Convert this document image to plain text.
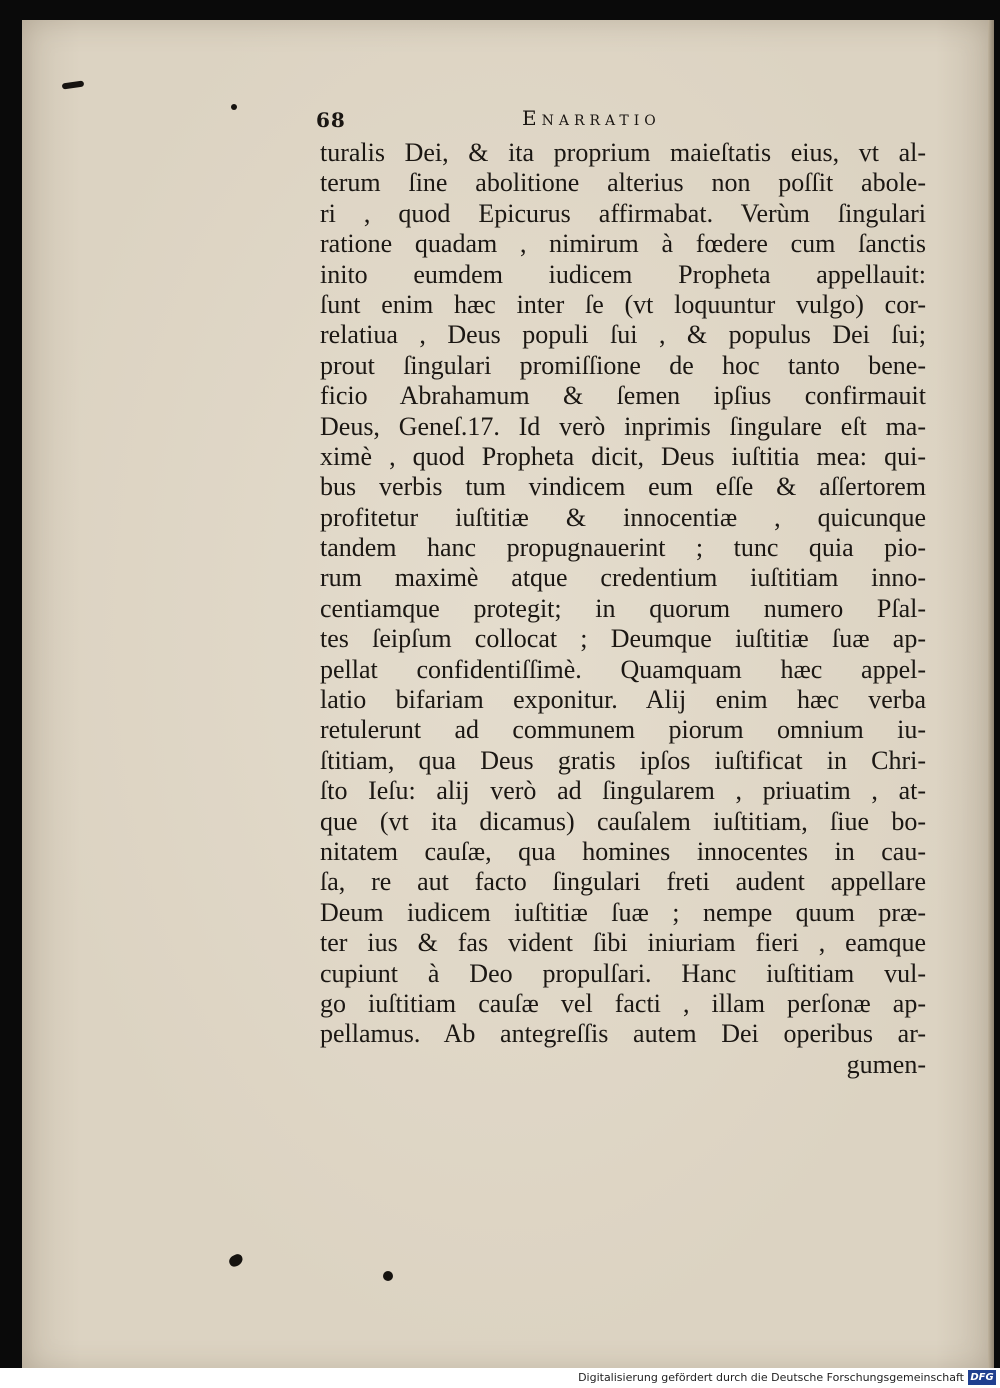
68	Enarratio
turalis Dei, & ita proprium maieſtatis eius, vt al-
terum ſine abolitione alterius non poſſit abole-
ri , quod Epicurus affirmabat. Verùm ſingulari
ratione quadam , nimirum à fœdere cum ſanctis
inito eumdem iudicem Propheta appellauit:
ſunt enim hæc inter ſe (vt loquuntur vulgo) cor-
relatiua , Deus populi ſui , & populus Dei ſui;
prout ſingulari promiſſione de hoc tanto bene-
ficio Abrahamum & ſemen ipſius confirmauit
Deus, Geneſ.17. Id verò inprimis ſingulare eſt ma-
ximè , quod Propheta dicit, Deus iuſtitia mea: qui-
bus verbis tum vindicem eum eſſe & aſſertorem
profitetur iuſtitiæ & innocentiæ , quicunque
tandem hanc propugnauerint ; tunc quia pio-
rum maximè atque credentium iuſtitiam inno-
centiamque protegit; in quorum numero Pſal-
tes ſeipſum collocat ; Deumque iuſtitiæ ſuæ ap-
pellat confidentiſſimè. Quamquam hæc appel-
latio bifariam exponitur. Alij enim hæc verba
retulerunt ad communem piorum omnium iu-
ſtitiam, qua Deus gratis ipſos iuſtificat in Chri-
ſto Ieſu: alij verò ad ſingularem , priuatim , at-
que (vt ita dicamus) cauſalem iuſtitiam, ſiue bo-
nitatem cauſæ, qua homines innocentes in cau-
ſa, re aut facto ſingulari freti audent appellare
Deum iudicem iuſtitiæ ſuæ ; nempe quum præ-
ter ius & fas vident ſibi iniuriam fieri , eamque
cupiunt à Deo propulſari. Hanc iuſtitiam vul-
go iuſtitiam cauſæ vel facti , illam perſonæ ap-
pellamus. Ab antegreſſis autem Dei operibus ar-
gumen-
Digitalisierung gefördert durch die Deutsche Forschungsgemeinschaft DFG
